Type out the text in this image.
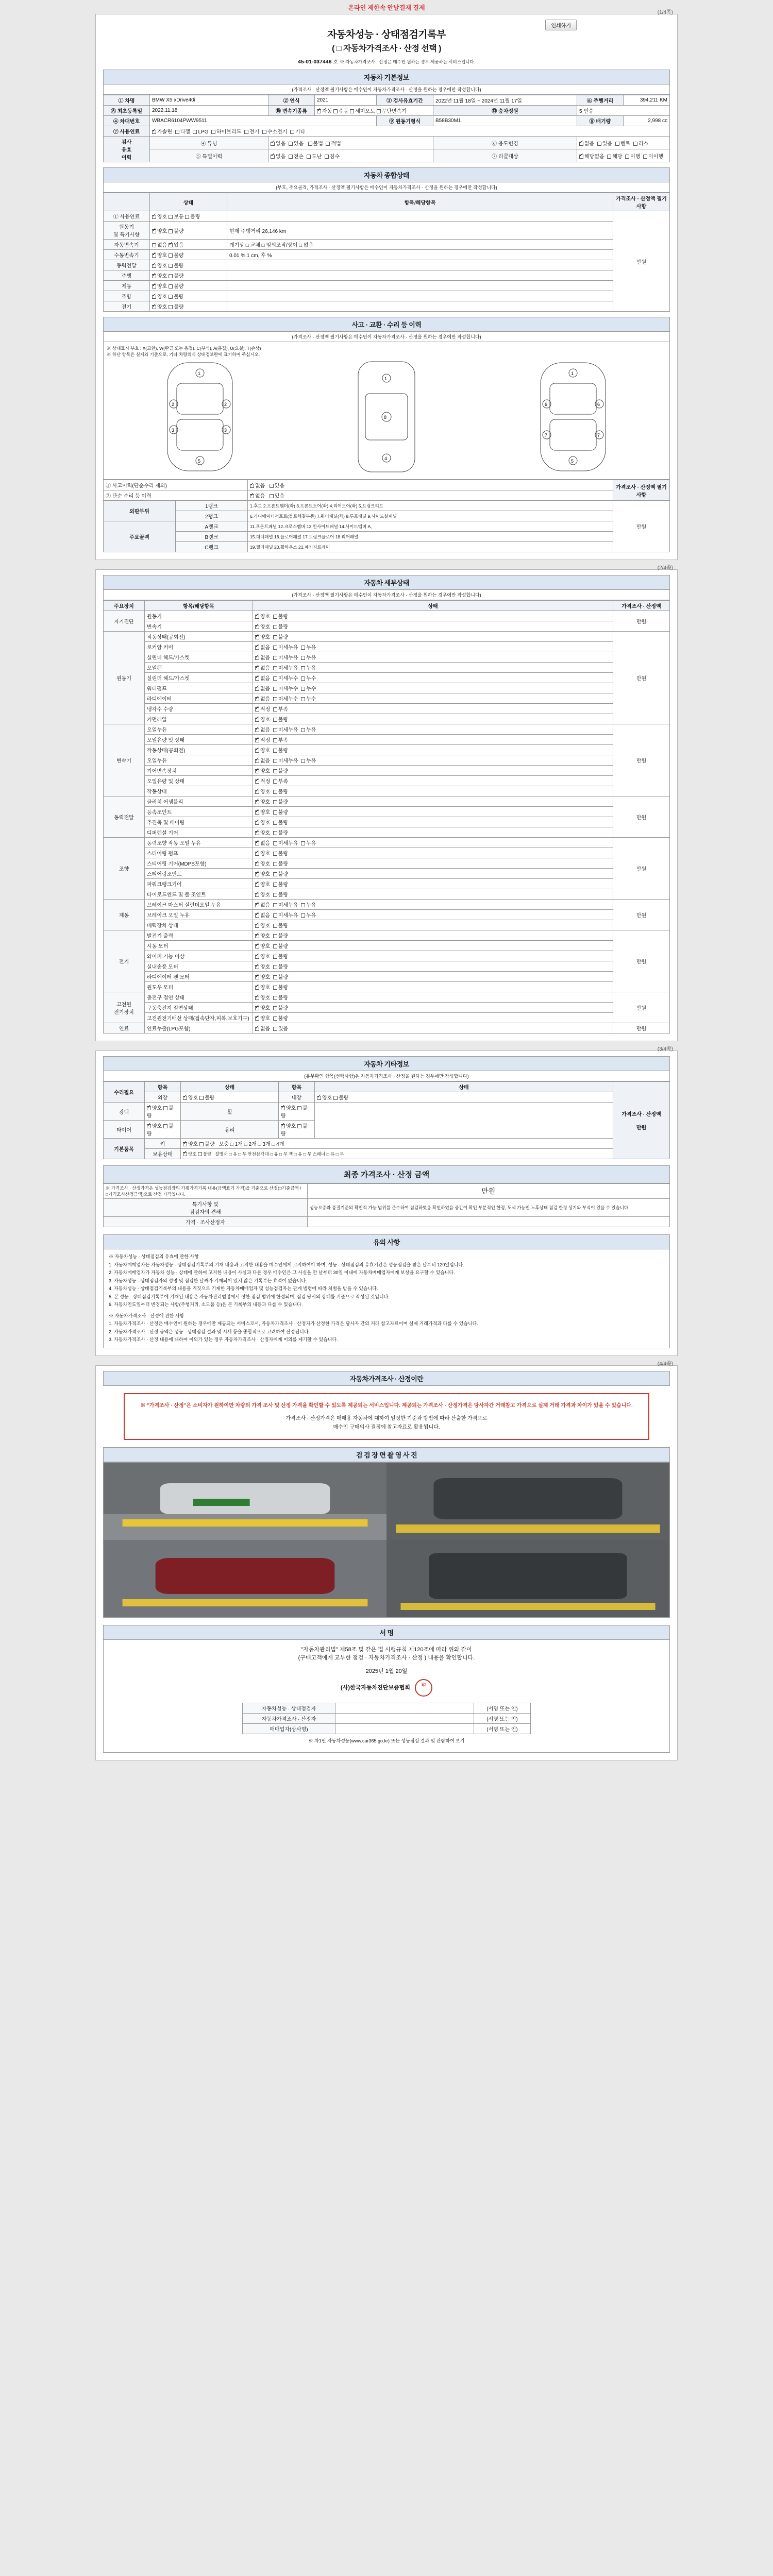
온라인 제한속 안날결재 결제
(1/4쪽)
인쇄하기
자동차성능 · 상태점검기록부
( □ 자동차가격조사 · 산정 선택 )
45-01-037446 호 ※ 자동차가격조사 · 산정은 매수인 원하는 경우 제공하는 서비스입니다.
자동차 기본정보
(가격조사 · 산정액 필기사항은 매수인이 자동차가격조사 · 산정을 원하는 경우에만 작성합니다)
① 차명	BMW X5 xDrive40i	② 연식	2021	③ 검사유효기간	2022년 11월 18일 ~ 2024년 11월 17일	⑥ 주행거리	394,211 KM
⑤ 최초등록일	2022.11.18	⑩ 변속기종류	✓자동 수동 세미오토 무단변속기		⑬ 승차정원	5 인승	
④ 차대번호	WBACR6104PWW9511			⑨ 원동기형식	B58B30M1	⑧ 배기량	2,998 cc
⑦ 사용연료	✓가솔린 디젤 LPG 하이브리드 전기 수소전기 기타
검사
유효
이력	④ 튜닝	✓없음 있음 불법 적법			⑥ 용도변경	✓없음 있음 렌트 리스
	⑤ 특별이력	✓없음 전손 도난 침수			⑦ 리콜대상	✓해당없음 해당 이행 미이행
자동차 종합상태
(부호, 주요골격, 가격조사 · 산정액 필기사항은 매수인이 자동차가격조사 · 산정을 원하는 경우에만 작성합니다)
	상태	항목/해당항목	가격조사 · 산정액 필기사항
① 사용연료	✓양호 보통 불량		만원
원동기
및 특기사항	✓양호 불량	현재 주행거리 26,146 km	
자동변속기	없음 ✓ 있음	계기상 □ 교체 □ 임의조작/상이 □ 없음	
수동변속기	✓양호 불량	0.01 % 1 cm, 후 %	
동력전달	✓양호 불량	
주행	✓양호 불량	
제동	✓양호 불량	
조향	✓양호 불량	
전기	✓양호 불량	
사고 · 교환 · 수리 등 이력
(가격조사 · 산정액 필기사항은 매수인이 자동차가격조사 · 산정을 원하는 경우에만 작성합니다)
※ 상태표시 부호 : X(교환), W(판금 또는 용접), C(부식), A(흠집), U(요철), T(손상)
※ 하단 항목은 실제와 기준으로, 기타 차량의식 상태정보란에 표기하여 주십시오.
1
5
2	2
3	3
8
1
4
1
5
6	6
7	7
① 사고이력(단순수리 제외)	✓없음 있음	가격조사 · 산정액 필기사항
② 단순 수리 등 이력	✓없음 있음
외판부위	1랭크	1.후드 2.프론트휀더(좌) 3.프론트도어(좌) 4.리어도어(좌) 5.트렁크리드	만원
	2랭크	6.라디에이터서포트(볼트체결부품) 7.쿼터패널(좌) 8.루프패널 9.사이드실패널	
주요골격	A랭크	11.프론트패널 12.크로스멤버 13.인사이드패널 14.사이드멤버 A,	
	B랭크	15.대쉬패널 16.플로어패널 17.트렁크플로어 18.리어패널	
	C랭크	19.필러패널 20.휠하우스 21.패키지트레이	
(2/4쪽)
자동차 세부상태
(가격조사 · 산정액 필기사항은 매수인이 자동차가격조사 · 산정을 원하는 경우에만 작성합니다)
주요장치	항목/해당항목	상태	가격조사 · 산정액
자기진단	원동기	✓양호 불량	만원
	변속기	✓양호 불량
원동기	작동상태(공회전)	✓양호 불량	만원
	로커암 커버	✓없음 미세누유 누유
	실린더 헤드/가스켓	✓없음 미세누유 누유
	오일팬	✓없음 미세누유 누유
	실린더 헤드/가스켓	✓없음 미세누수 누수
	워터펌프	✓없음 미세누수 누수
	라디에이터	✓없음 미세누수 누수
	냉각수 수량	✓적정 부족
	커먼레일	✓양호 불량
변속기	오일누유	✓없음 미세누유 누유	만원
	오일유량 및 상태	✓적정 부족
	작동상태(공회전)	✓양호 불량
	오일누유	✓없음 미세누유 누유
	기어변속장치	✓양호 불량
	오일유량 및 상태	✓적정 부족
	작동상태	✓양호 불량
동력전달	클러치 어셈블리	✓양호 불량	만원
	등속조인트	✓양호 불량
	추진축 및 베어링	✓양호 불량
	디퍼렌셜 기어	✓양호 불량
조향	동력조향 작동 오일 누유	✓없음 미세누유 누유	만원
	스티어링 펌프	✓양호 불량
	스티어링 기어(MDPS포함)	✓양호 불량
	스티어링조인트	✓양호 불량
	파워크랭크기어	✓양호 불량
	타이로드엔드 및 볼 조인트	✓양호 불량
제동	브레이크 마스터 실린더오일 누유	✓없음 미세누유 누유	만원
	브레이크 오일 누유	✓없음 미세누유 누유
	배력장치 상태	✓양호 불량
전기	발전기 출력	✓양호 불량	만원
	시동 모터	✓양호 불량
	와이퍼 기능 이상	✓양호 불량
	실내송풍 모터	✓양호 불량
	라디에이터 팬 모터	✓양호 불량
	윈도우 모터	✓양호 불량
고전원
전기장치	충전구 절연 상태	✓양호 불량	만원
	구동축전지 절연상태	✓양호 불량
	고전원전기배선 상태(접속단자,피복,보호기구)	✓양호 불량
연료	연료누출(LPG포함)	✓없음 있음	만원
(3/4쪽)
자동차 기타정보
(유무확인 항목(선택사항)은 자동차가격조사 · 산정을 원하는 경우에만 작성합니다)
수리필요	항목	상태	항목	상태	가격조사 · 산정액

만원
	외장	✓양호 불량	내장	✓양호 불량
광택	✓양호 불량	휠	✓양호 불량
타이어	✓양호 불량	유리	✓양호 불량
기본품목	키	✓양호 불량 보충 □ 1개 □ 2개 □ 3개 □ 4개
	보유상태	✓양호 불량 설명서 □ 유 □ 무 안전삼각대 □ 유 □ 무 잭 □ 유 □ 무 스패너 □ 유 □ 무
최종 가격조사 · 산정 금액
※ 가격조사 · 산정가격은 성능점검장의 가평가격기록 내용(금액표기 가격)을 기준으로 산정(□기준금액 / □가격조사산정금액)으로 산정 가격입니다.	만원
특기사항 및
점검자의 견해	성능보증과 품질기준의 확인적 가능 범위를 준수하여 점검하였음 확인하였음 중간이 확인 부분적인 한정, 도색 가능인 노후상태 점검 한정 상기와 부식이 있을 수 있습니다.
가격 · 조사산정자	
유의 사항

※ 자동차성능 · 상태점검의 유효에 관한 사항

1. 자동차매매업자는 자동차성능 · 상태점검기록부의 기재 내용과 고지한 내용을 매수인에게 고지하여야 하며, 성능 · 상태점검의 유효기간은 성능점검을 받은 날부터 120일입니다.

2. 자동차매매업자가 자동차 성능 · 상태에 관하여 고지한 내용이 사실과 다른 경우 매수인은 그 사실을 안 날부터 30일 이내에 자동차매매업자에게 보상을 요구할 수 있습니다.

3. 자동차성능 · 상태점검자의 성명 및 점검한 날짜가 기재되어 있지 않은 기록부는 효력이 없습니다.

4. 자동차성능 · 상태점검기록부의 내용을 거짓으로 기재한 자동차매매업자 및 성능점검자는 관계 법령에 따라 처벌을 받을 수 있습니다.

5. 본 성능 · 상태점검기록부에 기재된 내용은 자동차관리법령에서 정한 점검 범위에 한정되며, 점검 당시의 상태를 기준으로 작성된 것입니다.

6. 자동차인도일부터 변경되는 사항(주행거리, 소모품 등)은 본 기록부의 내용과 다를 수 있습니다.

※ 자동차가격조사 · 산정에 관한 사항

1. 자동차가격조사 · 산정은 매수인이 원하는 경우에만 제공되는 서비스로서, 자동차가격조사 · 산정자가 산정한 가격은 당사자 간의 거래 참고자료이며 실제 거래가격과 다를 수 있습니다.

2. 자동차가격조사 · 산정 금액은 성능 · 상태점검 결과 및 시세 등을 종합적으로 고려하여 산정됩니다.

3. 자동차가격조사 · 산정 내용에 대하여 이의가 있는 경우 자동차가격조사 · 산정자에게 이의를 제기할 수 있습니다.

(4/4쪽)
자동차가격조사 · 산정이란
※ "가격조사 · 산정"은 소비자가 원하여만 차량의 가격 조사 및 산정 가격을 확인할 수 있도록 제공되는 서비스입니다. 제공되는 가격조사 · 산정가격은 당사자간 거래참고 가격으로 실제 거래 가격과 차이가 있을 수 있습니다.
가격조사 · 산정가격은 매매용 자동차에 대하여 일정한 기준과 방법에 따라 산출한 가격으로
매수인 구매의사 결정에 참고자료로 활용됩니다.
검 검 장 면 촬 영 사 진
서 명
"자동차관리법" 제58조 및 같은 법 시행규칙 제120조에 따라 위와 같이
(구매고객에게 교부한 점검 · 자동차가격조사 · 산정 ) 내용을 확인합니다.
2025년 1월 20일
(사)한국자동차진단보증협회	印
자동차성능 · 상태점검자		(서명 또는 인)
자동차가격조사 · 산정자		(서명 또는 인)
매매업자(상사명)		(서명 또는 인)
※ 차1인 자동차성능(www.car365.go.kr) 또는 성능점검 결과 및 관람하여 보기
